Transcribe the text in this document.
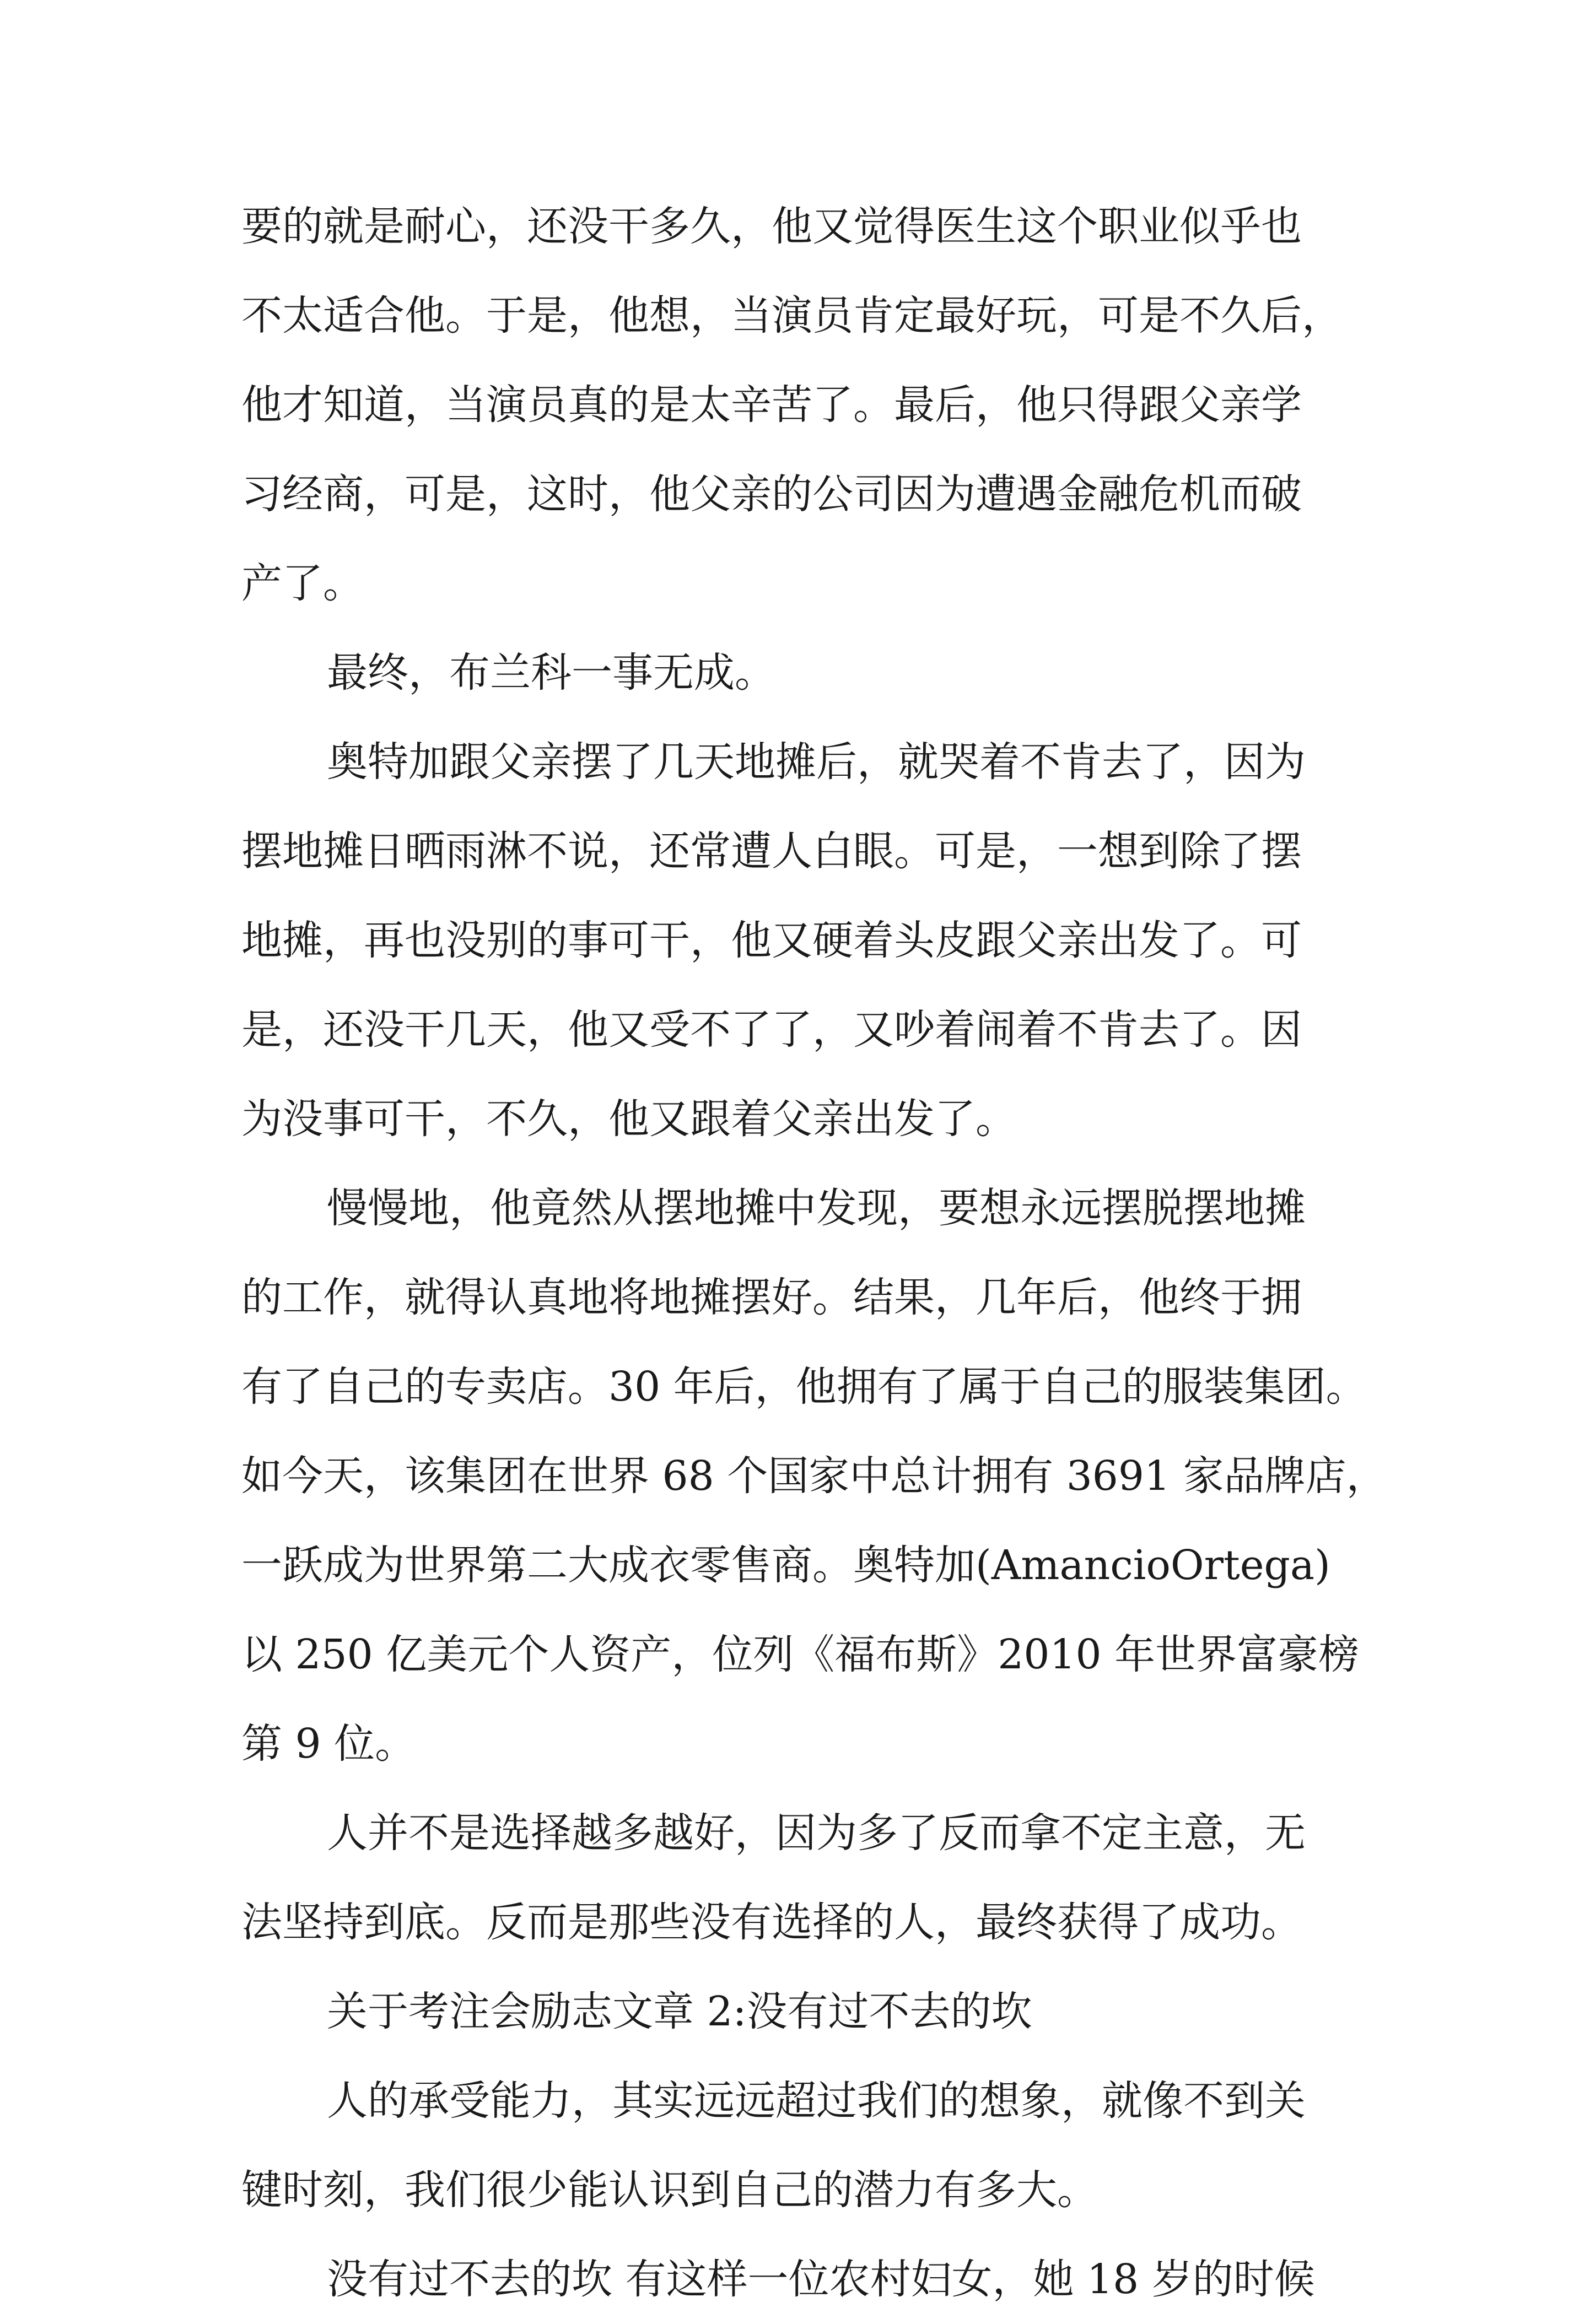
要的就是耐心，还没干多久，他又觉得医生这个职业似乎也
不太适合他。于是，他想，当演员肯定最好玩，可是不久后，
他才知道，当演员真的是太辛苦了。最后，他只得跟父亲学
习经商，可是，这时，他父亲的公司因为遭遇金融危机而破
产了。
最终，布兰科一事无成。
奥特加跟父亲摆了几天地摊后，就哭着不肯去了，因为
摆地摊日晒雨淋不说，还常遭人白眼。可是，一想到除了摆
地摊，再也没别的事可干，他又硬着头皮跟父亲出发了。可
是，还没干几天，他又受不了了，又吵着闹着不肯去了。因
为没事可干，不久，他又跟着父亲出发了。
慢慢地，他竟然从摆地摊中发现，要想永远摆脱摆地摊
的工作，就得认真地将地摊摆好。结果，几年后，他终于拥
有了自己的专卖店。30 年后，他拥有了属于自己的服装集团。
如今天，该集团在世界 68 个国家中总计拥有 3691 家品牌店，
一跃成为世界第二大成衣零售商。奥特加(AmancioOrtega)
以 250 亿美元个人资产，位列《福布斯》2010 年世界富豪榜
第 9 位。
人并不是选择越多越好，因为多了反而拿不定主意，无
法坚持到底。反而是那些没有选择的人，最终获得了成功。
关于考注会励志文章 2:没有过不去的坎
人的承受能力，其实远远超过我们的想象，就像不到关
键时刻，我们很少能认识到自己的潜力有多大。
没有过不去的坎 有这样一位农村妇女，她 18 岁的时候
